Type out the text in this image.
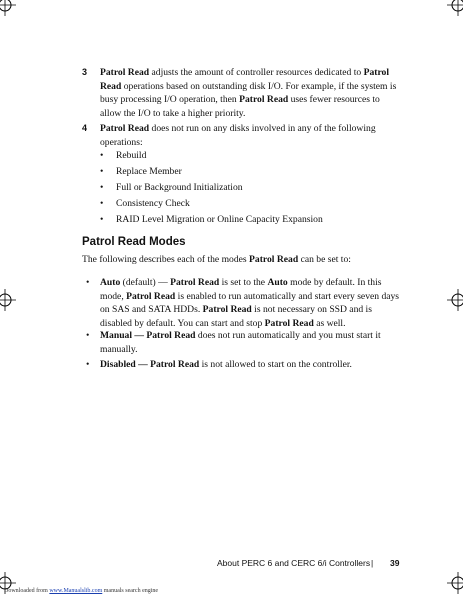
3 Patrol Read adjusts the amount of controller resources dedicated to Patrol Read operations based on outstanding disk I/O. For example, if the system is busy processing I/O operation, then Patrol Read uses fewer resources to allow the I/O to take a higher priority.
4 Patrol Read does not run on any disks involved in any of the following operations:
• Rebuild
• Replace Member
• Full or Background Initialization
• Consistency Check
• RAID Level Migration or Online Capacity Expansion
Patrol Read Modes
The following describes each of the modes Patrol Read can be set to:
• Auto (default) — Patrol Read is set to the Auto mode by default. In this mode, Patrol Read is enabled to run automatically and start every seven days on SAS and SATA HDDs. Patrol Read is not necessary on SSD and is disabled by default. You can start and stop Patrol Read as well.
• Manual — Patrol Read does not run automatically and you must start it manually.
• Disabled — Patrol Read is not allowed to start on the controller.
About PERC 6 and CERC 6/i Controllers | 39
Downloaded from www.Manualslib.com manuals search engine
